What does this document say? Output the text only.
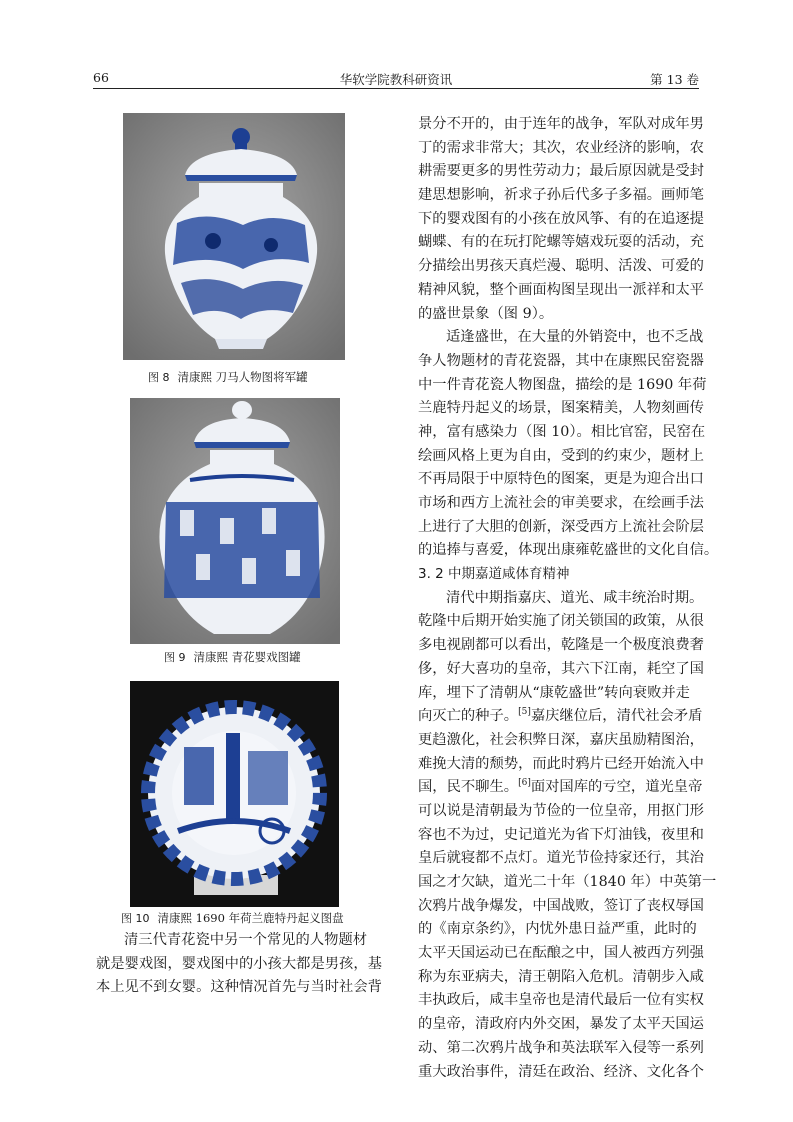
66	华软学院教科研资讯	第 13 卷
图 8 清康熙 刀马人物图将军罐
图 9 清康熙 青花婴戏图罐
图 10 清康熙 1690 年荷兰鹿特丹起义图盘
清三代青花瓷中另一个常见的人物题材
就是婴戏图，婴戏图中的小孩大都是男孩，基
本上见不到女婴。这种情况首先与当时社会背
景分不开的，由于连年的战争，军队对成年男
丁的需求非常大；其次，农业经济的影响，农
耕需要更多的男性劳动力；最后原因就是受封
建思想影响，祈求子孙后代多子多福。画师笔
下的婴戏图有的小孩在放风筝、有的在追逐提
蝴蝶、有的在玩打陀螺等嬉戏玩耍的活动，充
分描绘出男孩天真烂漫、聪明、活泼、可爱的
精神风貌，整个画面构图呈现出一派祥和太平
的盛世景象（图 9）。
适逢盛世，在大量的外销瓷中，也不乏战
争人物题材的青花瓷器，其中在康熙民窑瓷器
中一件青花瓷人物图盘，描绘的是 1690 年荷
兰鹿特丹起义的场景，图案精美，人物刻画传
神，富有感染力（图 10）。相比官窑，民窑在
绘画风格上更为自由，受到的约束少，题材上
不再局限于中原特色的图案，更是为迎合出口
市场和西方上流社会的审美要求，在绘画手法
上进行了大胆的创新，深受西方上流社会阶层
的追捧与喜爱，体现出康雍乾盛世的文化自信。
3. 2 中期嘉道咸体育精神
清代中期指嘉庆、道光、咸丰统治时期。
乾隆中后期开始实施了闭关锁国的政策，从很
多电视剧都可以看出，乾隆是一个极度浪费奢
侈，好大喜功的皇帝，其六下江南，耗空了国
库，埋下了清朝从“康乾盛世”转向衰败并走
向灭亡的种子。[5]嘉庆继位后，清代社会矛盾
更趋激化，社会积弊日深，嘉庆虽励精图治，
难挽大清的颓势，而此时鸦片已经开始流入中
国，民不聊生。[6]面对国库的亏空，道光皇帝
可以说是清朝最为节俭的一位皇帝，用抠门形
容也不为过，史记道光为省下灯油钱，夜里和
皇后就寝都不点灯。道光节俭持家还行，其治
国之才欠缺，道光二十年（1840 年）中英第一
次鸦片战争爆发，中国战败，签订了丧权辱国
的《南京条约》，内忧外患日益严重，此时的
太平天国运动已在酝酿之中，国人被西方列强
称为东亚病夫，清王朝陷入危机。清朝步入咸
丰执政后，咸丰皇帝也是清代最后一位有实权
的皇帝，清政府内外交困，暴发了太平天国运
动、第二次鸦片战争和英法联军入侵等一系列
重大政治事件，清廷在政治、经济、文化各个
